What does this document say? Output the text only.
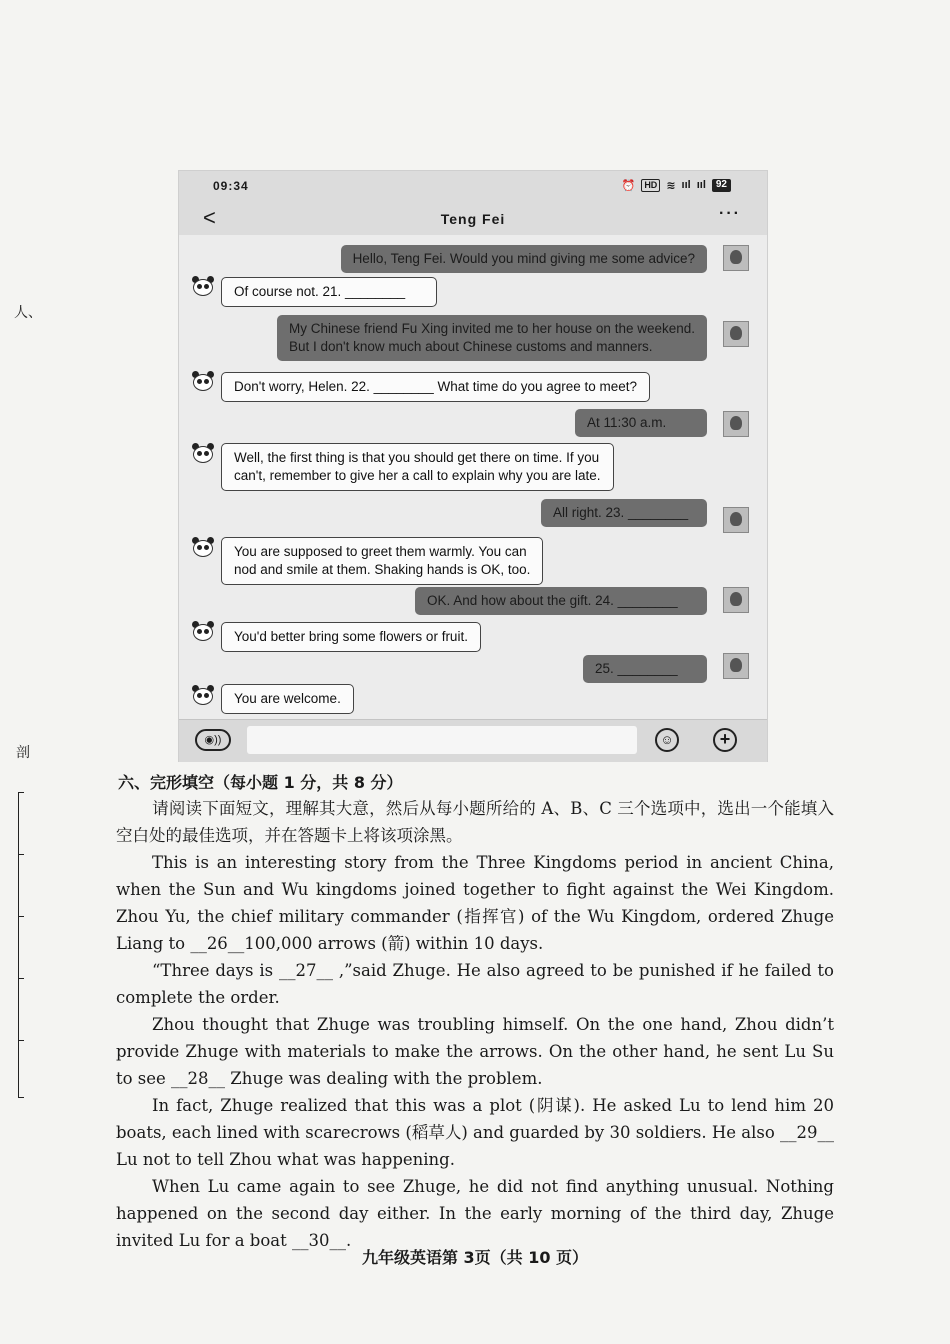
人、
剖
09:34	⏰	HD ≋ ııl ııl	92
<	Teng Fei	···
Hello, Teng Fei. Would you mind giving me some advice?
Of course not. 21. ________
My Chinese friend Fu Xing invited me to her house on the weekend.
But I don't know much about Chinese customs and manners.
Don't worry, Helen. 22. ________ What time do you agree to meet?
At 11:30 a.m.
Well, the first thing is that you should get there on time. If you
can't, remember to give her a call to explain why you are late.
All right. 23. ________
You are supposed to greet them warmly. You can
nod and smile at them. Shaking hands is OK, too.
OK. And how about the gift. 24. ________
You'd better bring some flowers or fruit.
25. ________
You are welcome.
◉))	☺	+
六、完形填空（每小题 1 分，共 8 分）

请阅读下面短文，理解其大意，然后从每小题所给的 A、B、C 三个选项中，选出一个能填入空白处的最佳选项，并在答题卡上将该项涂黑。

This is an interesting story from the Three Kingdoms period in ancient China, when the Sun and Wu kingdoms joined together to fight against the Wei Kingdom. Zhou Yu, the chief military commander (指挥官) of the Wu Kingdom, ordered Zhuge Liang to __26__100,000 arrows (箭) within 10 days.

“Three days is __27__ ,”said Zhuge. He also agreed to be punished if he failed to complete the order.

Zhou thought that Zhuge was troubling himself. On the one hand, Zhou didn’t provide Zhuge with materials to make the arrows. On the other hand, he sent Lu Su to see __28__ Zhuge was dealing with the problem.

In fact, Zhuge realized that this was a plot (阴谋). He asked Lu to lend him 20 boats, each lined with scarecrows (稻草人) and guarded by 30 soldiers. He also __29__ Lu not to tell Zhou what was happening.

When Lu came again to see Zhuge, he did not find anything unusual. Nothing happened on the second day either. In the early morning of the third day, Zhuge invited Lu for a boat __30__.

九年级英语第 3页（共 10 页）
